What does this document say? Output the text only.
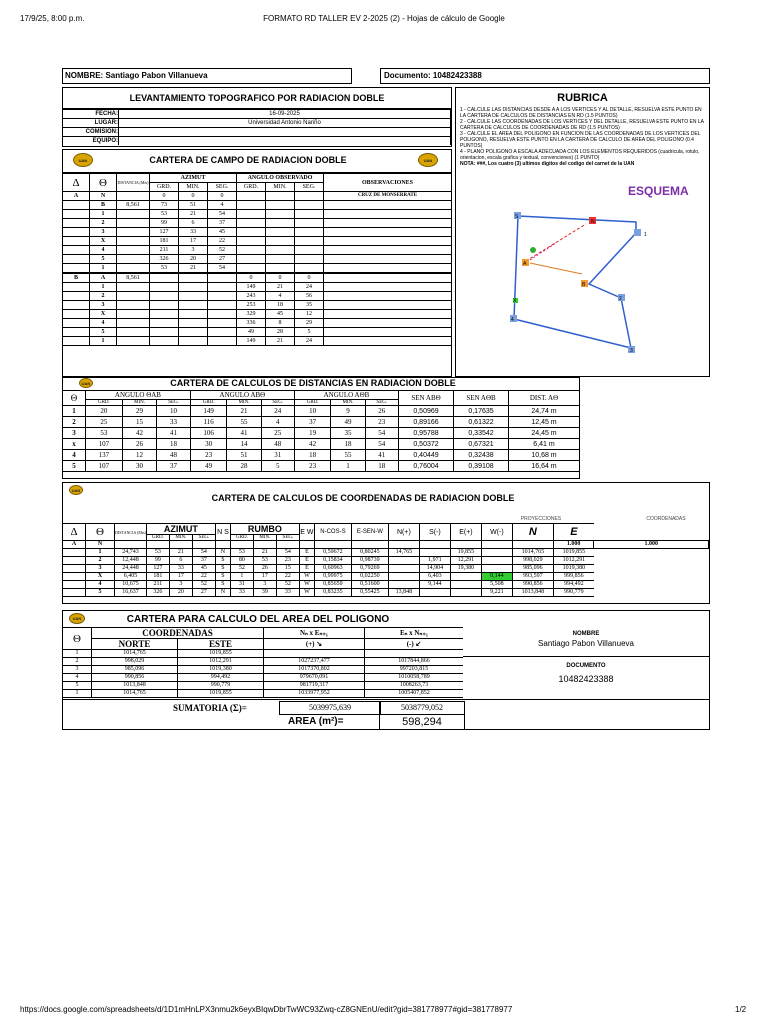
17/9/25, 8:00 p.m.	FORMATO RD TALLER EV 2-2025 (2) - Hojas de cálculo de Google
https://docs.google.com/spreadsheets/d/1D1mHnLPX3nmu2k6eyxBIqwDbrTwWC93Zwq-cZ8GNEnU/edit?gid=381778977#gid=381778977	1/2
NOMBRE: Santiago Pabon Villanueva	Documento: 10482423388
LEVANTAMIENTO TOPOGRAFICO POR RADIACION DOBLE
FECHA:	16-09-2025
LUGAR:	Universidad Antonio Nariño
COMISION:	
EQUIPO:	
RUBRICA
1 - CALCULE LAS DISTANCIAS DESDE A A LOS VERTICES Y AL DETALLE, RESUELVA ESTE PUNTO EN LA CARTERA DE CALCULOS DE DISTANCIAS EN RD (1.5 PUNTOS)
2 - CALCULE LAS COORDENADAS DE LOS VERTICES Y DEL DETALLE, RESUELVA ESTE PUNTO EN LA CARTERA DE CALCULOS DE COORDENADAS DE RD (1.5 PUNTOS)
3 - CALCULE EL AREA DEL POLIGONO EN FUNCION DE LAS COORDENADAS DE LOS VERTICES DEL POLIGONO, RESUELVA ESTE PUNTO EN LA CARTERA DE CALCULO DE AREA DEL POLIGONO (0.4 PUNTOS)
4 - PLANO POLIGONO A ESCALA ADECUADA CON LOS ELEMENTOS REQUERIDOS (cuadricula, rotulo, orientacion, escala grafica y textual, convenciones) (1 PUNTO)
NOTA: ###, Los cuatro (3) ultimos digitos del codigo del carnet de la UAN
ESQUEMA
S
N
1
A
B
2
4
3
X
UAN	CARTERA DE CAMPO DE RADIACION DOBLE	UAN
Δ	Θ	DISTANCIA (Mts)	AZIMUT			ANGULO OBSERVADO			OBSERVACIONES
			GRD.	MIN.	SEG.	GRD.	MIN.	SEG.	
A	N		0	0	0				CRUZ DE MONSERRATE
	B	8,561	73	51	4				
	1		53	21	54				
	2		99	6	37				
	3		127	33	45				
	X		181	17	22				
	4		211	3	52				
	5		326	20	27				
	1		53	21	54				
B	A	8,561				0	0	0	
	1					149	21	24	
	2					243	4	56	
	3					253	18	35	
	X					329	45	12	
	4					336	8	29	
	5					49	28	5	
	1					149	21	24	
UAN	CARTERA DE CALCULOS DE DISTANCIAS EN RADIACION DOBLE
Θ	ANGULO ΘAB			ANGULO ABΘ			ANGULO AΘB			SEN ABΘ	SEN AΘB	DIST. AΘ
	GRD.	MIN.	SEG.	GRD.	MIN.	SEG.	GRD.	MIN.	SEG.			
1	20	29	10	149	21	24	10	9	26	0,50969	0,17635	24,74 m
2	25	15	33	116	55	4	37	49	23	0,89166	0,61322	12,45 m
3	53	42	41	106	41	25	19	35	54	0,95788	0,33542	24,45 m
x	107	26	18	30	14	48	42	18	54	0,50372	0,67321	6,41 m
4	137	12	48	23	51	31	18	55	41	0,40449	0,32438	10,68 m
5	107	30	37	49	28	5	23	1	18	0,76004	0,39108	16,64 m
UAN
CARTERA DE CALCULOS DE COORDENADAS DE RADIACION DOBLE
PROYECCIONES	COORDENADAS
Δ	Θ	DISTANCIA (Mts)	AZIMUT			N S	RUMBO			E W	N-COS-S	E-SEN-W	N(+)	S(-)	E(+)	W(-)	N	E	
			GRD.	MIN.	SEG.		GRD.	MIN.	SEG.										
A	N																	1.000	1.000
	1	24,743	53	21	54	N	53	21	54	E	0,59672	0,80245	14,765		19,855		1014,765	1019,855	
	2	12,448	99	6	37	S	80	53	23	E	0,15834	0,98739		1,971	12,291		998,029	1012,291	
	3	24,448	127	33	45	S	52	26	15	E	0,60963	0,79269		14,904	19,380		985,096	1019,380	
	X	6,405	181	17	22	S	1	17	22	W	0,99975	0,02250		6,403		0,144	993,597	999,856	
	4	10,675	211	3	52	S	31	3	52	W	0,85659	0,51600		9,144		5,508	990,856	994,492	
	5	16,637	326	20	27	N	33	39	33	W	0,83235	0,55425	13,848			9,221	1013,848	990,779	
UAN	CARTERA PARA CALCULO DEL AREA DEL POLIGONO
Θ	COORDENADAS		Nₙ x Eₙ₊₁	Eₙ x Nₙ₊₁
	NORTE	ESTE	(+) ↘	(-) ↙
1	1014,765	1019,855		
2	998,029	1012,291	1027237,477	1017844,866
3	985,096	1019,380	1017370,802	997203,815
4	990,856	994,492	979670,091	1010058,789
5	1013,848	990,779	981719,317	1008263,73
1	1014,765	1019,855	1033977,952	1005407,852
NOMBRE
Santiago Pabon Villanueva
DOCUMENTO
10482423388
SUMATORIA (Σ)=	5039975,639	5038779,052
AREA (m²)=	598,294
